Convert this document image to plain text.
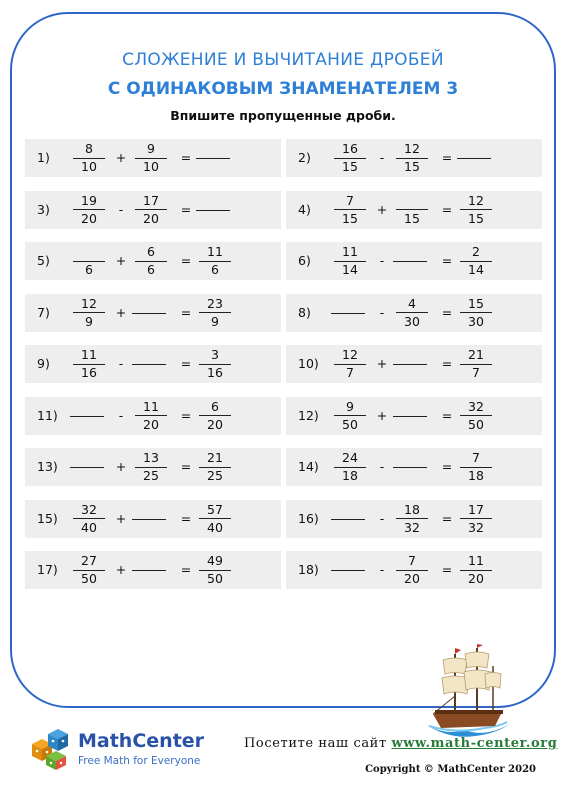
СЛОЖЕНИЕ И ВЫЧИТАНИЕ ДРОБЕЙ
С ОДИНАКОВЫМ ЗНАМЕНАТЕЛЕМ 3
Впишите пропущенные дроби.
1)
8
10
+
9
10
=	2)
16
15
-
12
15
=
3)
19
20
-
17
20
=	4)
7
15
+
15
=
12
15
5)
6
+
6
6
=
11
6
6)
11
14
-	=
2
14
7)
12
9
+	=
23
9
8)	-
4
30
=
15
30
9)
11
16
-	=
3
16
10)
12
7
+	=
21
7
11)	-
11
20
=
6
20
12)
9
50
+	=
32
50
13)	+
13
25
=
21
25
14)
24
18
-	=
7
18
15)
32
40
+	=
57
40
16)	-
18
32
=
17
32
17)
27
50
+	=
49
50
18)	-
7
20
=
11
20
MathCenter
Free Math for Everyone
Посетите наш сайт www.math-center.org
Copyright © MathCenter 2020
